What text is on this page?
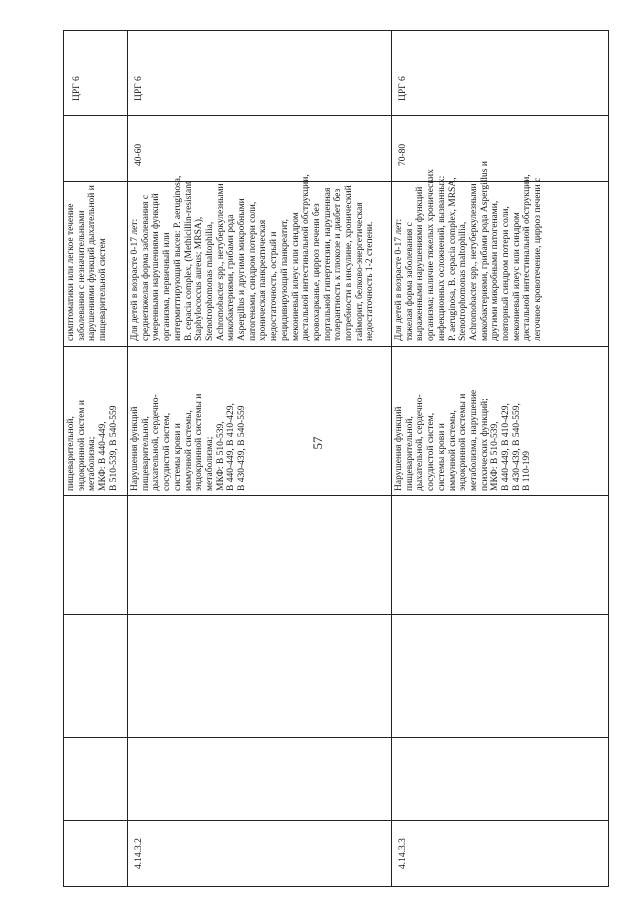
57
ЦРГ 6
симптоматики или легкое течение заболевания с незначительными нарушениями функций дыхательной и пищеварительной систем
пищеварительной, эндокринной систем и метаболизма; МКФ: В 440-449, В 510-539, В 540-559
ЦРГ 6
40-60
Для детей в возрасте 0-17 лет: среднетяжелая форма заболевания с умеренными нарушениями функций организма, первичный или интермиттирующий высев: P. aeruginosa, B. cepacia complex, (Methicillin-resistant Staphylococcus aureus; MRSA), Stenotrophomonas maltophilia, Achromobacter spp., нетуберкулезными микобактериями, грибами рода Aspergillus и другими микробными патогенами, синдром потери соли, хроническая панкреатическая недостаточность, острый и рецидивирующий панкреатит, мекониевый илеус или синдром дистальной интестинальной обструкции, кровохарканье, цирроз печени без портальной гипертензии, нарушенная толерантность к глюкозе и диабет без потребности в инсулине, хронический гайморит, белково-энергетическая недостаточность 1-2 степени.
Нарушения функций пищеварительной, дыхательной, сердечно- сосудистой систем, системы крови и иммунной системы, эндокринной системы и метаболизма; МКФ: В 510-539, В 440-449, В 410-429, В 430-439, В 540-559
4.14.3.2
ЦРГ 6
70-80
Для детей в возрасте 0-17 лет: тяжелая форма заболевания с выраженными нарушениями функций организма; наличие тяжелых хронических инфекционных осложнений, вызванных: P. aeruginosa, B. cepacia complex, MRSA, Stenotrophomonas maltophilia, Achromobacter spp., нетуберкулезными микобактериями, грибами рода Aspergillus и другими микробными патогенами, повторный синдром потери соли, мекониевый илеус или синдром дистальной интестинальной обструкции, легочное кровотечение, цирроз печени с
Нарушения функций пищеварительной, дыхательной, сердечно- сосудистой систем, системы крови и иммунной системы, эндокринной системы и метаболизма, нарушение психических функций; МКФ: В 510-539, В 440-449, В 410-429, В 430-439, В 540-559, В 110-199
4.14.3.3
